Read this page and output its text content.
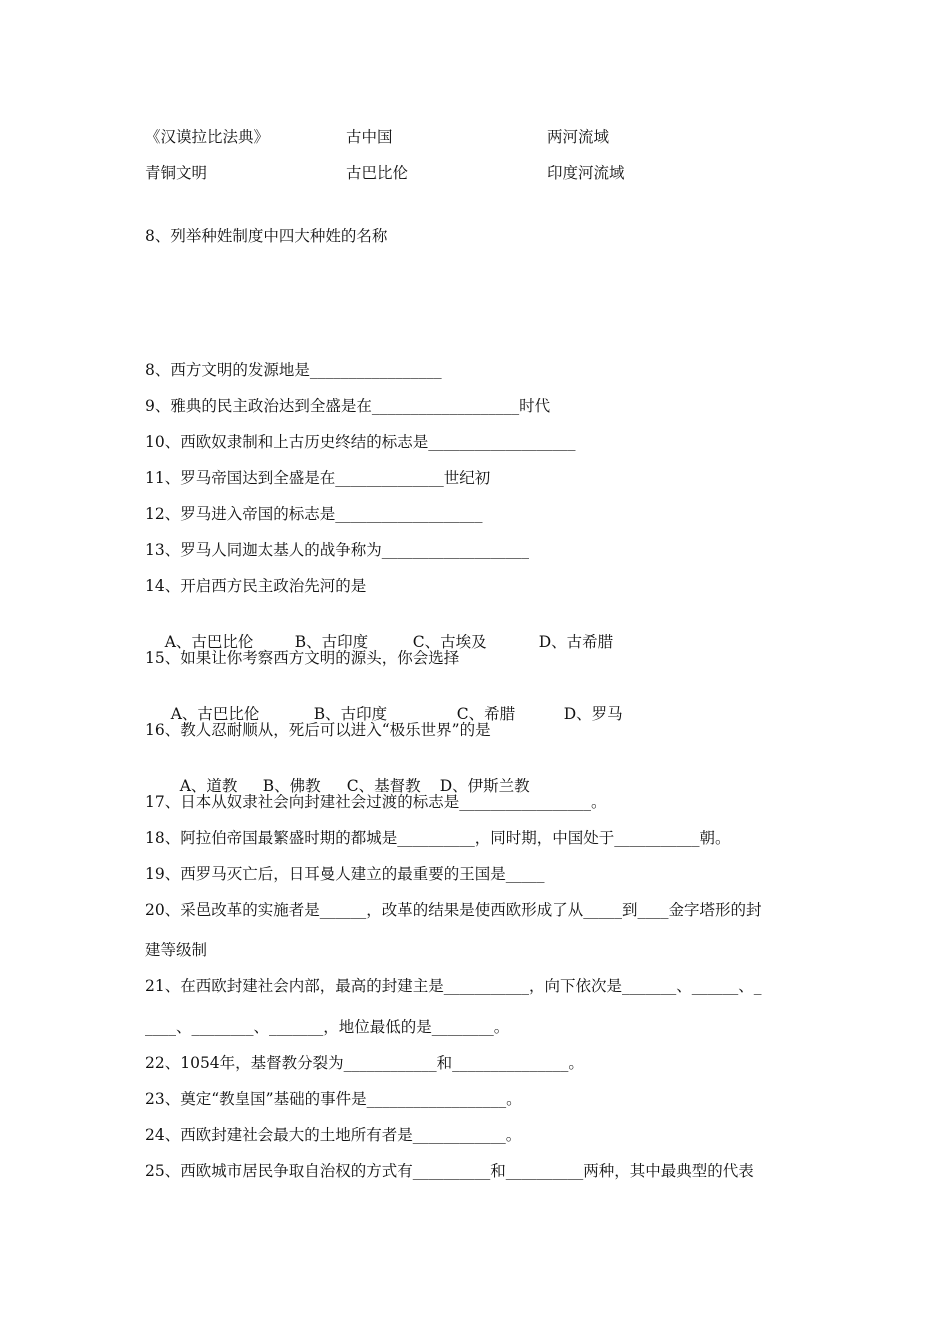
《汉谟拉比法典》	古中国	两河流域
青铜文明	古巴比伦	印度河流域
8、列举种姓制度中四大种姓的名称
8、西方文明的发源地是_________________
9、雅典的民主政治达到全盛是在___________________时代
10、西欧奴隶制和上古历史终结的标志是___________________
11、罗马帝国达到全盛是在______________世纪初
12、罗马进入帝国的标志是___________________
13、罗马人同迦太基人的战争称为___________________
14、开启西方民主政治先河的是

A、古巴比伦	B、古印度	C、古埃及	D、古希腊

15、如果让你考察西方文明的源头，你会选择

A、古巴比伦	B、古印度	C、希腊	D、罗马

16、教人忍耐顺从，死后可以进入“极乐世界”的是

A、道教 B、佛教 C、基督教 D、伊斯兰教

17、日本从奴隶社会向封建社会过渡的标志是_________________。
18、阿拉伯帝国最繁盛时期的都城是__________，同时期，中国处于___________朝。
19、西罗马灭亡后，日耳曼人建立的最重要的王国是_____
20、采邑改革的实施者是______，改革的结果是使西欧形成了从_____到____金字塔形的封
建等级制
21、在西欧封建社会内部，最高的封建主是___________，向下依次是_______、______、_
____、________、_______，地位最低的是________。
22、1054年，基督教分裂为____________和_______________。
23、奠定“教皇国”基础的事件是__________________。
24、西欧封建社会最大的土地所有者是____________。
25、西欧城市居民争取自治权的方式有__________和__________两种，其中最典型的代表
